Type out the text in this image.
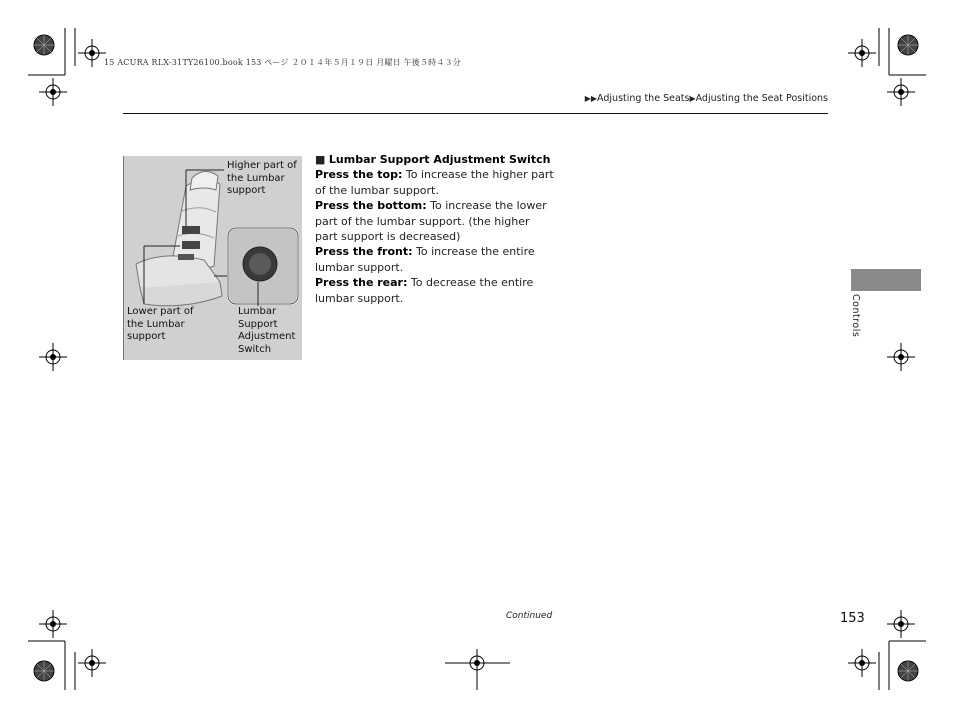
15 ACURA RLX-31TY26100.book 153 ページ ２０１４年５月１９日 月曜日 午後５時４３分
▶▶Adjusting the Seats▶Adjusting the Seat Positions
Higher part of the Lumbar support
Lower part of the Lumbar support
Lumbar Support Adjustment Switch

■ Lumbar Support Adjustment Switch

Press the top: To increase the higher part of the lumbar support.

Press the bottom: To increase the lower part of the lumbar support. (the higher part support is decreased)

Press the front: To increase the entire lumbar support.

Press the rear: To decrease the entire lumbar support.	Controls
Continued	153
